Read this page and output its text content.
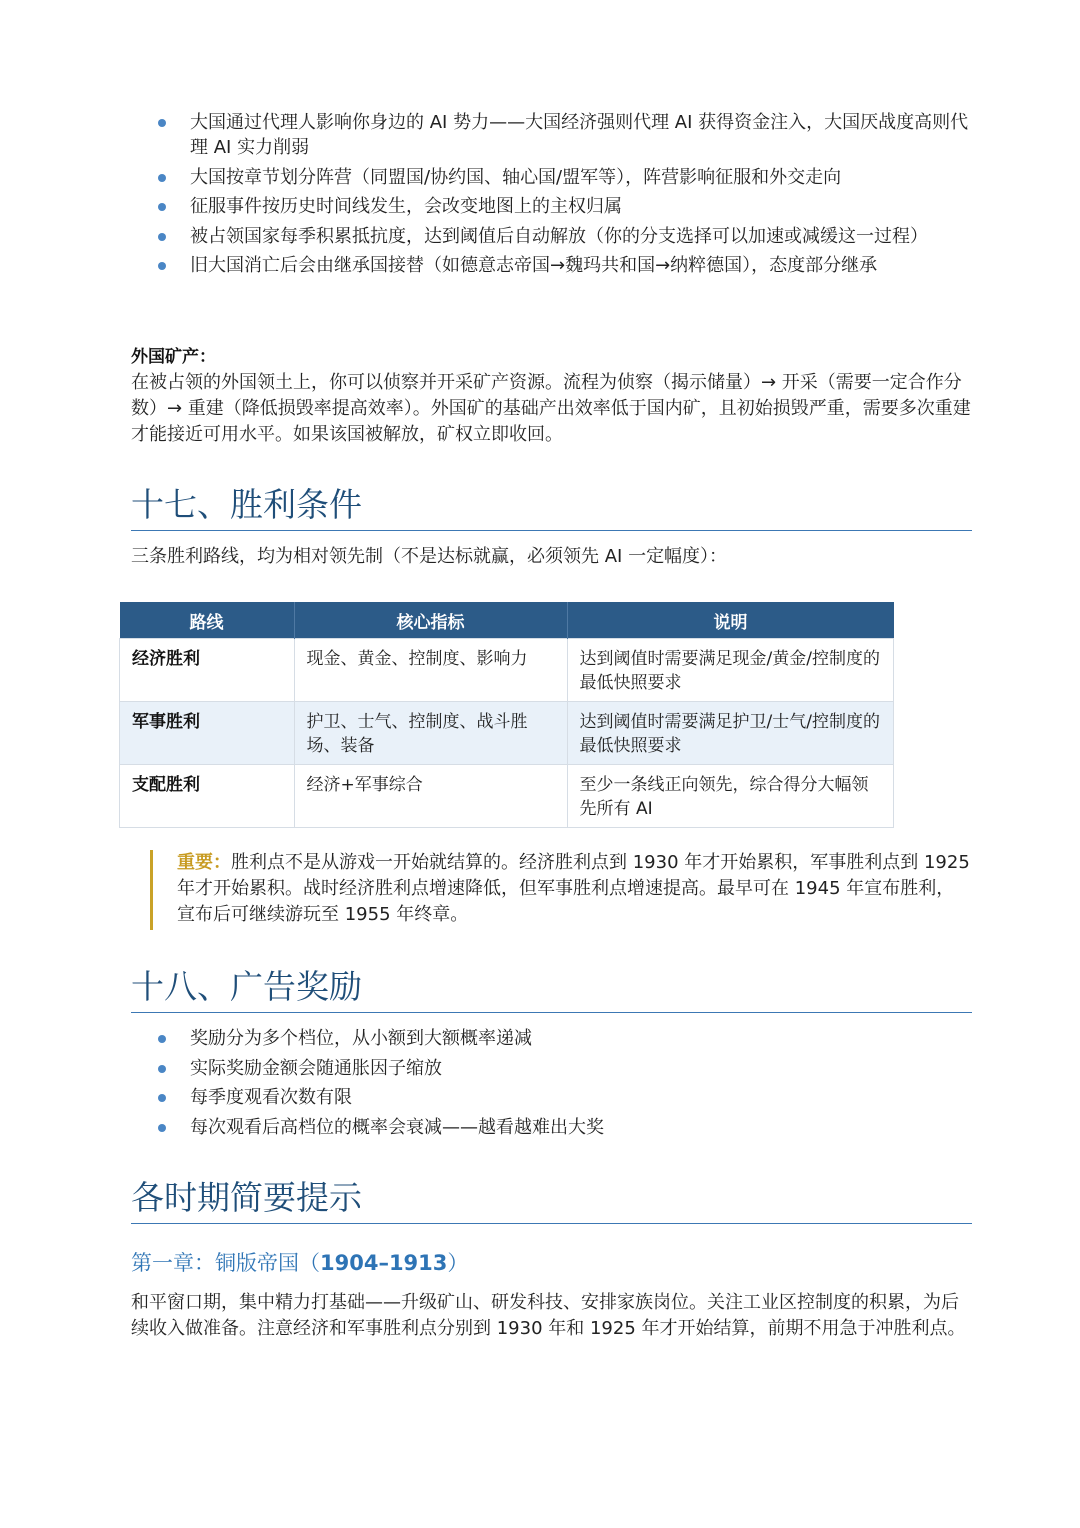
大国通过代理人影响你身边的 AI 势力——大国经济强则代理 AI 获得资金注入，大国厌战度高则代理 AI 实力削弱
大国按章节划分阵营（同盟国/协约国、轴心国/盟军等），阵营影响征服和外交走向
征服事件按历史时间线发生，会改变地图上的主权归属
被占领国家每季积累抵抗度，达到阈值后自动解放（你的分支选择可以加速或减缓这一过程）
旧大国消亡后会由继承国接替（如德意志帝国→魏玛共和国→纳粹德国），态度部分继承
外国矿产：

在被占领的外国领土上，你可以侦察并开采矿产资源。流程为侦察（揭示储量）→ 开采（需要一定合作分数）→ 重建（降低损毁率提高效率）。外国矿的基础产出效率低于国内矿，且初始损毁严重，需要多次重建才能接近可用水平。如果该国被解放，矿权立即收回。

十七、胜利条件

三条胜利路线，均为相对领先制（不是达标就赢，必须领先 AI 一定幅度）：

路线	核心指标	说明
经济胜利	现金、黄金、控制度、影响力	达到阈值时需要满足现金/黄金/控制度的最低快照要求
军事胜利	护卫、士气、控制度、战斗胜场、装备	达到阈值时需要满足护卫/士气/控制度的最低快照要求
支配胜利	经济+军事综合	至少一条线正向领先，综合得分大幅领先所有 AI

重要：胜利点不是从游戏一开始就结算的。经济胜利点到 1930 年才开始累积，军事胜利点到 1925 年才开始累积。战时经济胜利点增速降低，但军事胜利点增速提高。最早可在 1945 年宣布胜利，宣布后可继续游玩至 1955 年终章。

十八、广告奖励
奖励分为多个档位，从小额到大额概率递减
实际奖励金额会随通胀因子缩放
每季度观看次数有限
每次观看后高档位的概率会衰减——越看越难出大奖
各时期简要提示
第一章：铜版帝国（1904–1913）

和平窗口期，集中精力打基础——升级矿山、研发科技、安排家族岗位。关注工业区控制度的积累，为后续收入做准备。注意经济和军事胜利点分别到 1930 年和 1925 年才开始结算，前期不用急于冲胜利点。
